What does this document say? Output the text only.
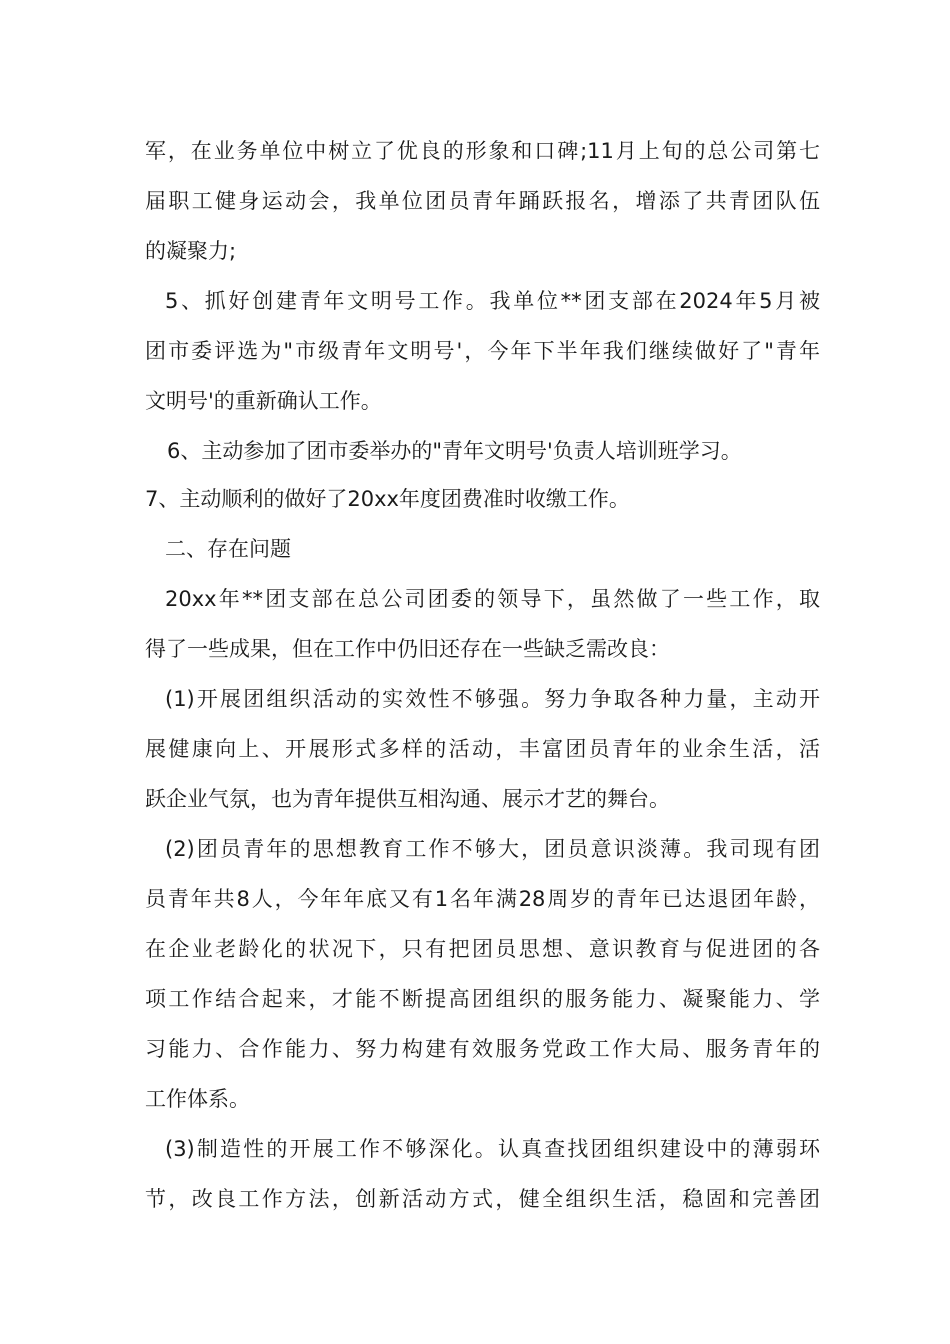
军，在业务单位中树立了优良的形象和口碑;11月上旬的总公司第七
届职工健身运动会，我单位团员青年踊跃报名，增添了共青团队伍
的凝聚力;
5、抓好创建青年文明号工作。我单位**团支部在2024年5月被
团市委评选为"市级青年文明号'，今年下半年我们继续做好了"青年
文明号'的重新确认工作。
6、主动参加了团市委举办的"青年文明号'负责人培训班学习。
7、主动顺利的做好了20xx年度团费准时收缴工作。
二、存在问题
20xx年**团支部在总公司团委的领导下，虽然做了一些工作，取
得了一些成果，但在工作中仍旧还存在一些缺乏需改良：
(1)开展团组织活动的实效性不够强。努力争取各种力量，主动开
展健康向上、开展形式多样的活动，丰富团员青年的业余生活，活
跃企业气氛，也为青年提供互相沟通、展示才艺的舞台。
(2)团员青年的思想教育工作不够大，团员意识淡薄。我司现有团
员青年共8人，今年年底又有1名年满28周岁的青年已达退团年龄，
在企业老龄化的状况下，只有把团员思想、意识教育与促进团的各
项工作结合起来，才能不断提高团组织的服务能力、凝聚能力、学
习能力、合作能力、努力构建有效服务党政工作大局、服务青年的
工作体系。
(3)制造性的开展工作不够深化。认真查找团组织建设中的薄弱环
节，改良工作方法，创新活动方式，健全组织生活，稳固和完善团
